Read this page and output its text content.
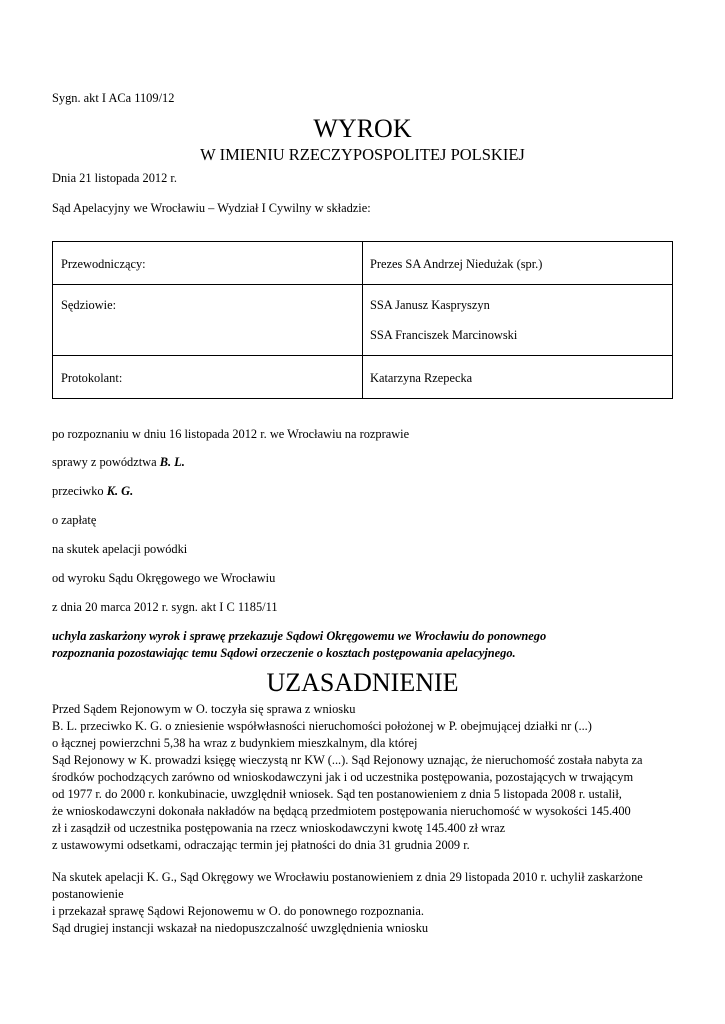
Sygn. akt I ACa 1109/12
WYROK
W IMIENIU RZECZYPOSPOLITEJ POLSKIEJ
Dnia 21 listopada 2012 r.
Sąd Apelacyjny we Wrocławiu – Wydział I Cywilny w składzie:
Przewodniczący:	Prezes SA Andrzej Niedużak (spr.)
Sędziowie:	SSA Janusz Kaspryszyn
SSA Franciszek Marcinowski
Protokolant:	Katarzyna Rzepecka
po rozpoznaniu w dniu 16 listopada 2012 r. we Wrocławiu na rozprawie
sprawy z powództwa B. L.
przeciwko K. G.
o zapłatę
na skutek apelacji powódki
od wyroku Sądu Okręgowego we Wrocławiu
z dnia 20 marca 2012 r. sygn. akt I C 1185/11
uchyla zaskarżony wyrok i sprawę przekazuje Sądowi Okręgowemu we Wrocławiu do ponownego
rozpoznania pozostawiając temu Sądowi orzeczenie o kosztach postępowania apelacyjnego.
UZASADNIENIE
Przed Sądem Rejonowym w O. toczyła się sprawa z wniosku
B. L. przeciwko K. G. o zniesienie współwłasności nieruchomości położonej w P. obejmującej działki nr (...)
o łącznej powierzchni 5,38 ha wraz z budynkiem mieszkalnym, dla której
Sąd Rejonowy w K. prowadzi księgę wieczystą nr KW (...). Sąd Rejonowy uznając, że nieruchomość została nabyta za
środków pochodzących zarówno od wnioskodawczyni jak i od uczestnika postępowania, pozostających w trwającym
od 1977 r. do 2000 r. konkubinacie, uwzględnił wniosek. Sąd ten postanowieniem z dnia 5 listopada 2008 r. ustalił,
że wnioskodawczyni dokonała nakładów na będącą przedmiotem postępowania nieruchomość w wysokości 145.400
zł i zasądził od uczestnika postępowania na rzecz wnioskodawczyni kwotę 145.400 zł wraz
z ustawowymi odsetkami, odraczając termin jej płatności do dnia 31 grudnia 2009 r.
Na skutek apelacji K. G., Sąd Okręgowy we Wrocławiu postanowieniem z dnia 29 listopada 2010 r. uchylił zaskarżone
postanowienie
i przekazał sprawę Sądowi Rejonowemu w O. do ponownego rozpoznania.
Sąd drugiej instancji wskazał na niedopuszczalność uwzględnienia wniosku
